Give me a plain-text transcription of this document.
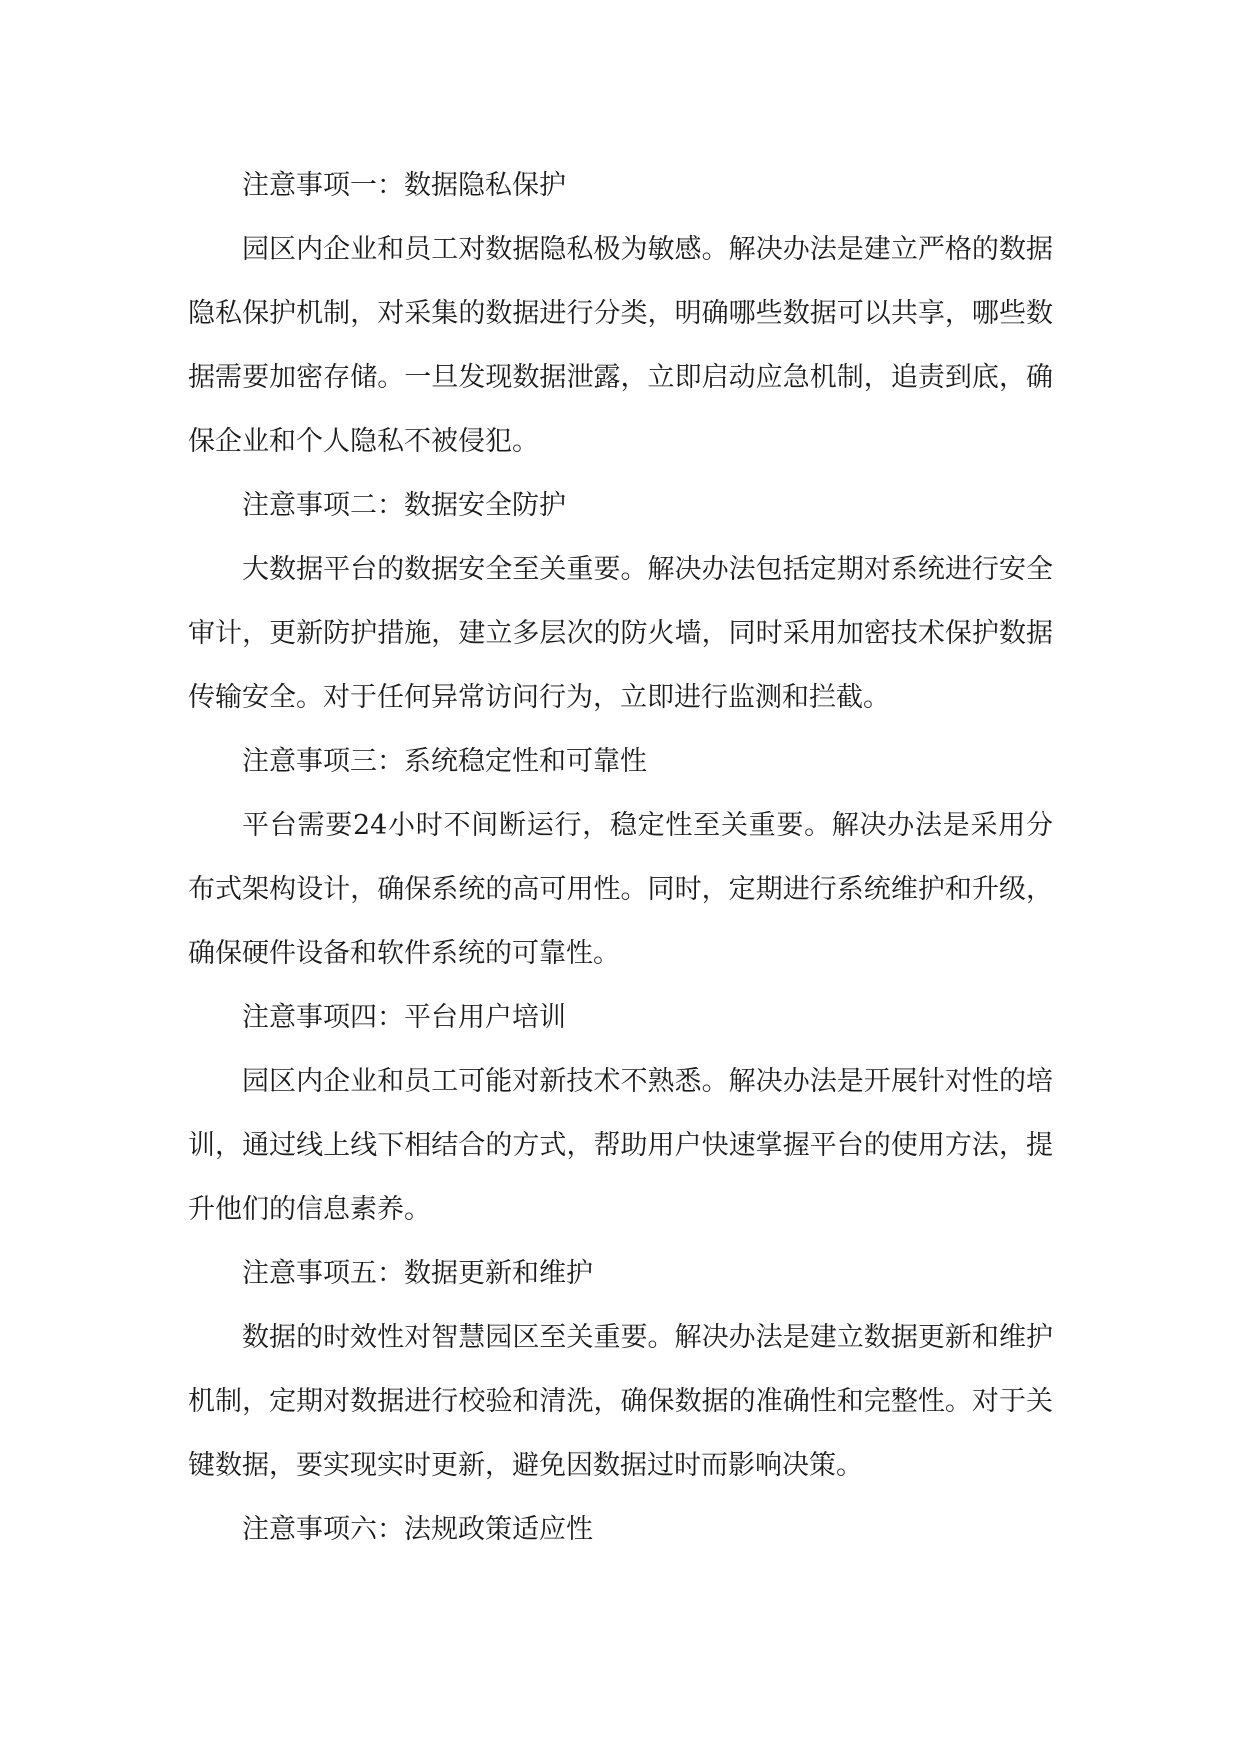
注意事项一：数据隐私保护

园区内企业和员工对数据隐私极为敏感。解决办法是建立严格的数据隐私保护机制，对采集的数据进行分类，明确哪些数据可以共享，哪些数据需要加密存储。一旦发现数据泄露，立即启动应急机制，追责到底，确保企业和个人隐私不被侵犯。

注意事项二：数据安全防护

大数据平台的数据安全至关重要。解决办法包括定期对系统进行安全审计，更新防护措施，建立多层次的防火墙，同时采用加密技术保护数据传输安全。对于任何异常访问行为，立即进行监测和拦截。

注意事项三：系统稳定性和可靠性

平台需要24小时不间断运行，稳定性至关重要。解决办法是采用分布式架构设计，确保系统的高可用性。同时，定期进行系统维护和升级，确保硬件设备和软件系统的可靠性。

注意事项四：平台用户培训

园区内企业和员工可能对新技术不熟悉。解决办法是开展针对性的培训，通过线上线下相结合的方式，帮助用户快速掌握平台的使用方法，提升他们的信息素养。

注意事项五：数据更新和维护

数据的时效性对智慧园区至关重要。解决办法是建立数据更新和维护机制，定期对数据进行校验和清洗，确保数据的准确性和完整性。对于关键数据，要实现实时更新，避免因数据过时而影响决策。

注意事项六：法规政策适应性
